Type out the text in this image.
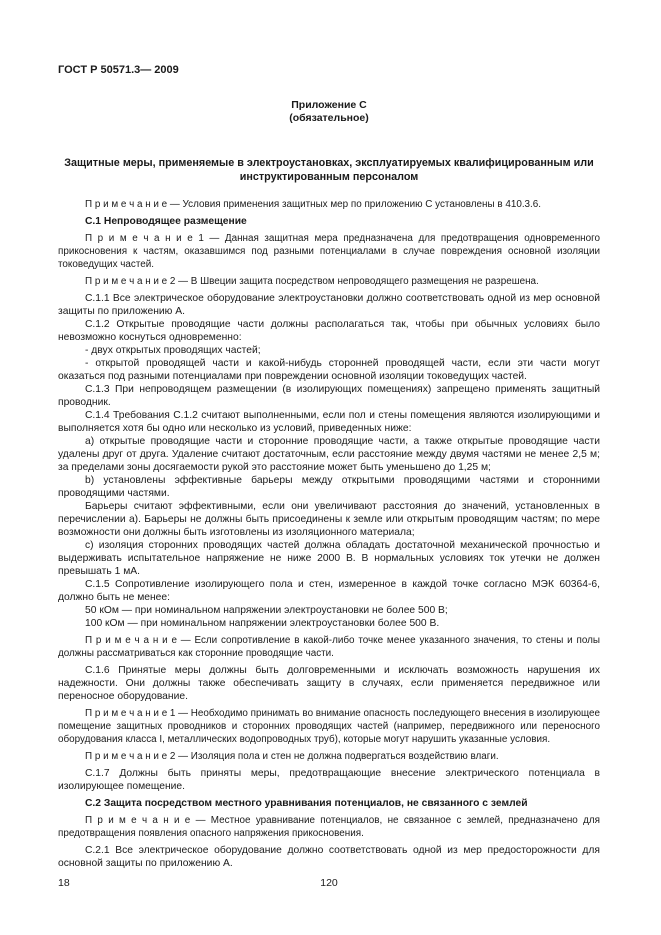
ГОСТ Р 50571.3— 2009
Приложение С
(обязательное)
Защитные меры, применяемые в электроустановках, эксплуатируемых квалифицированным или инструктированным персоналом

П р и м е ч а н и е — Условия применения защитных мер по приложению С установлены в 410.3.6.

С.1 Непроводящее размещение

П р и м е ч а н и е 1 — Данная защитная мера предназначена для предотвращения одновременного прикосновения к частям, оказавшимся под разными потенциалами в случае повреждения основной изоляции токоведущих частей.

П р и м е ч а н и е 2 — В Швеции защита посредством непроводящего размещения не разрешена.

С.1.1 Все электрическое оборудование электроустановки должно соответствовать одной из мер основной защиты по приложению А.

С.1.2 Открытые проводящие части должны располагаться так, чтобы при обычных условиях было невозможно коснуться одновременно:

- двух открытых проводящих частей;

- открытой проводящей части и какой-нибудь сторонней проводящей части, если эти части могут оказаться под разными потенциалами при повреждении основной изоляции токоведущих частей.

С.1.3 При непроводящем размещении (в изолирующих помещениях) запрещено применять защитный проводник.

С.1.4 Требования С.1.2 считают выполненными, если пол и стены помещения являются изолирующими и выполняется хотя бы одно или несколько из условий, приведенных ниже:

a) открытые проводящие части и сторонние проводящие части, а также открытые проводящие части удалены друг от друга. Удаление считают достаточным, если расстояние между двумя частями не менее 2,5 м; за пределами зоны досягаемости рукой это расстояние может быть уменьшено до 1,25 м;

b) установлены эффективные барьеры между открытыми проводящими частями и сторонними проводящими частями.

Барьеры считают эффективными, если они увеличивают расстояния до значений, установленных в перечислении a). Барьеры не должны быть присоединены к земле или открытым проводящим частям; по мере возможности они должны быть изготовлены из изоляционного материала;

c) изоляция сторонних проводящих частей должна обладать достаточной механической прочностью и выдерживать испытательное напряжение не ниже 2000 В. В нормальных условиях ток утечки не должен превышать 1 мА.

С.1.5 Сопротивление изолирующего пола и стен, измеренное в каждой точке согласно МЭК 60364-6, должно быть не менее:

50 кОм — при номинальном напряжении электроустановки не более 500 В;

100 кОм — при номинальном напряжении электроустановки более 500 В.

П р и м е ч а н и е — Если сопротивление в какой-либо точке менее указанного значения, то стены и полы должны рассматриваться как сторонние проводящие части.

С.1.6 Принятые меры должны быть долговременными и исключать возможность нарушения их надежности. Они должны также обеспечивать защиту в случаях, если применяется передвижное или переносное оборудование.

П р и м е ч а н и е 1 — Необходимо принимать во внимание опасность последующего внесения в изолирующее помещение защитных проводников и сторонних проводящих частей (например, передвижного или переносного оборудования класса I, металлических водопроводных труб), которые могут нарушить указанные условия.

П р и м е ч а н и е 2 — Изоляция пола и стен не должна подвергаться воздействию влаги.

С.1.7 Должны быть приняты меры, предотвращающие внесение электрического потенциала в изолирующее помещение.

С.2 Защита посредством местного уравнивания потенциалов, не связанного с землей

П р и м е ч а н и е — Местное уравнивание потенциалов, не связанное с землей, предназначено для предотвращения появления опасного напряжения прикосновения.

С.2.1 Все электрическое оборудование должно соответствовать одной из мер предосторожности для основной защиты по приложению А.

18	120
